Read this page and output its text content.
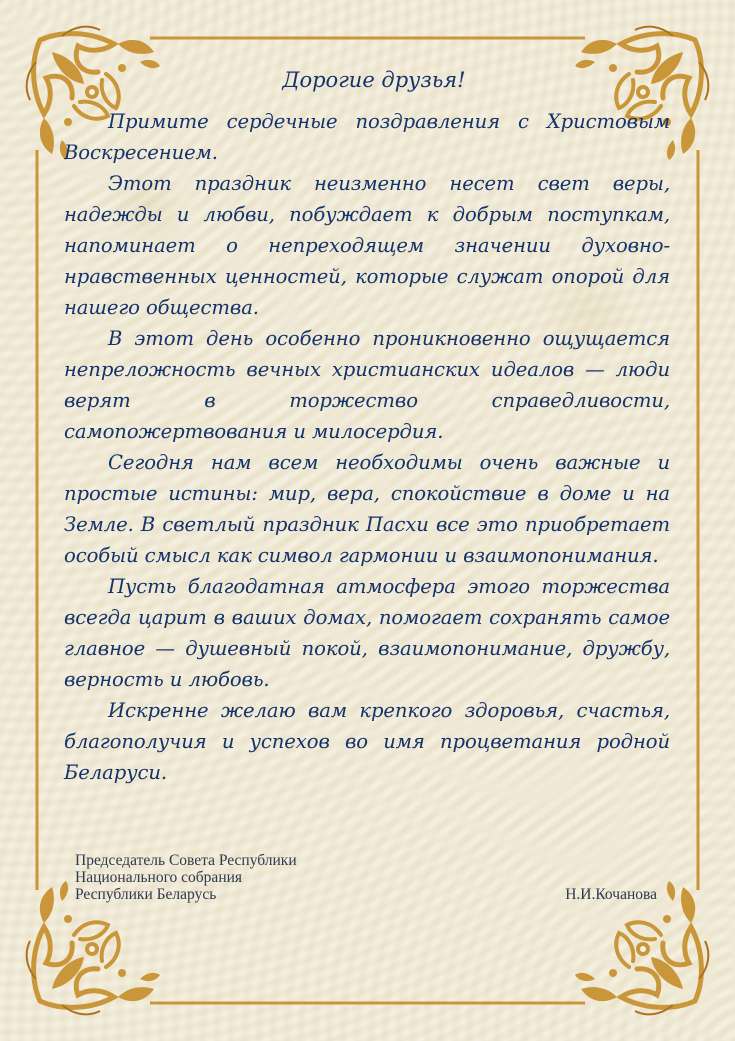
Дорогие друзья!

Примите сердечные поздравления с Христовым Воскресением.

Этот праздник неизменно несет свет веры, надежды и любви, побуждает к добрым поступкам, напоминает о непреходящем значении духовно-нравственных ценностей, которые служат опорой для нашего общества.

В этот день особенно проникновенно ощущается непреложность вечных христианских идеалов — люди верят в торжество справедливости, самопожертвования и милосердия.

Сегодня нам всем необходимы очень важные и простые истины: мир, вера, спокойствие в доме и на Земле. В светлый праздник Пасхи все это приобретает особый смысл как символ гармонии и взаимопонимания.

Пусть благодатная атмосфера этого торжества всегда царит в ваших домах, помогает сохранять самое главное — душевный покой, взаимопонимание, дружбу, верность и любовь.

Искренне желаю вам крепкого здоровья, счастья, благополучия и успехов во имя процветания родной Беларуси.

Председатель Совета Республики
Национального собрания
Республики Беларусь	Н.И.Кочанова
